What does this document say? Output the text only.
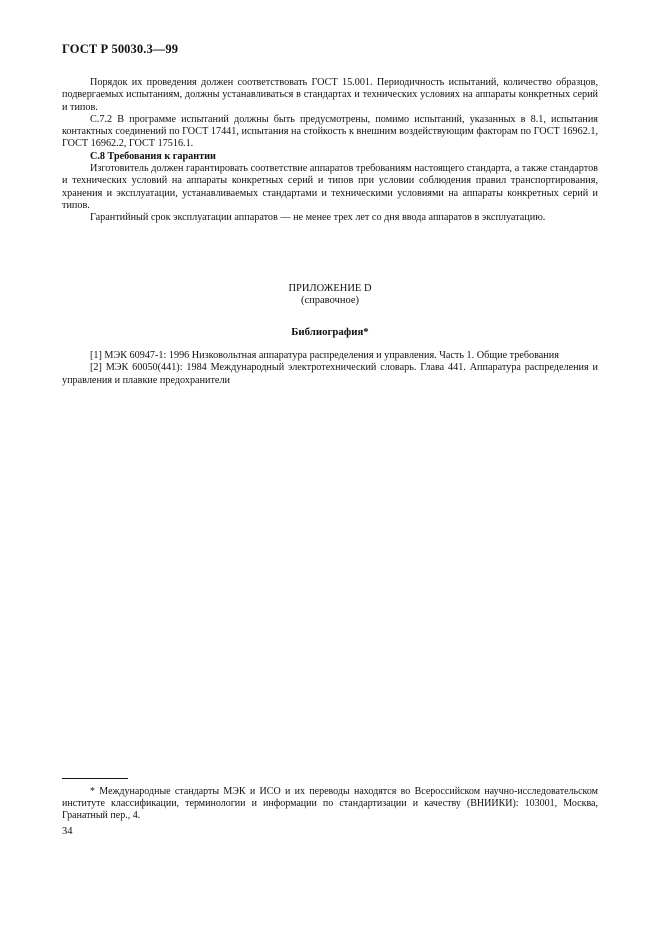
ГОСТ Р 50030.3—99

Порядок их проведения должен соответствовать ГОСТ 15.001. Периодичность испытаний, количество образцов, подвергаемых испытаниям, должны устанавливаться в стандартах и технических условиях на аппараты конкретных серий и типов.

С.7.2 В программе испытаний должны быть предусмотрены, помимо испытаний, указанных в 8.1, испытания контактных соединений по ГОСТ 17441, испытания на стойкость к внешним воздействующим факторам по ГОСТ 16962.1, ГОСТ 16962.2, ГОСТ 17516.1.

С.8 Требования к гарантии

Изготовитель должен гарантировать соответствие аппаратов требованиям настоящего стандарта, а также стандартов и технических условий на аппараты конкретных серий и типов при условии соблюдения правил транспортирования, хранения и эксплуатации, устанавливаемых стандартами и техническими условиями на аппараты конкретных серий и типов.

Гарантийный срок эксплуатации аппаратов — не менее трех лет со дня ввода аппаратов в эксплуатацию.

ПРИЛОЖЕНИЕ D
(справочное)
Библиография*

[1] МЭК 60947-1: 1996 Низковольтная аппаратура распределения и управления. Часть 1. Общие требования

[2] МЭК 60050(441): 1984 Международный электротехнический словарь. Глава 441. Аппаратура распределения и управления и плавкие предохранители

* Международные стандарты МЭК и ИСО и их переводы находятся во Всероссийском научно-исследовательском институте классификации, терминологии и информации по стандартизации и качеству (ВНИИКИ): 103001, Москва, Гранатный пер., 4.
34
